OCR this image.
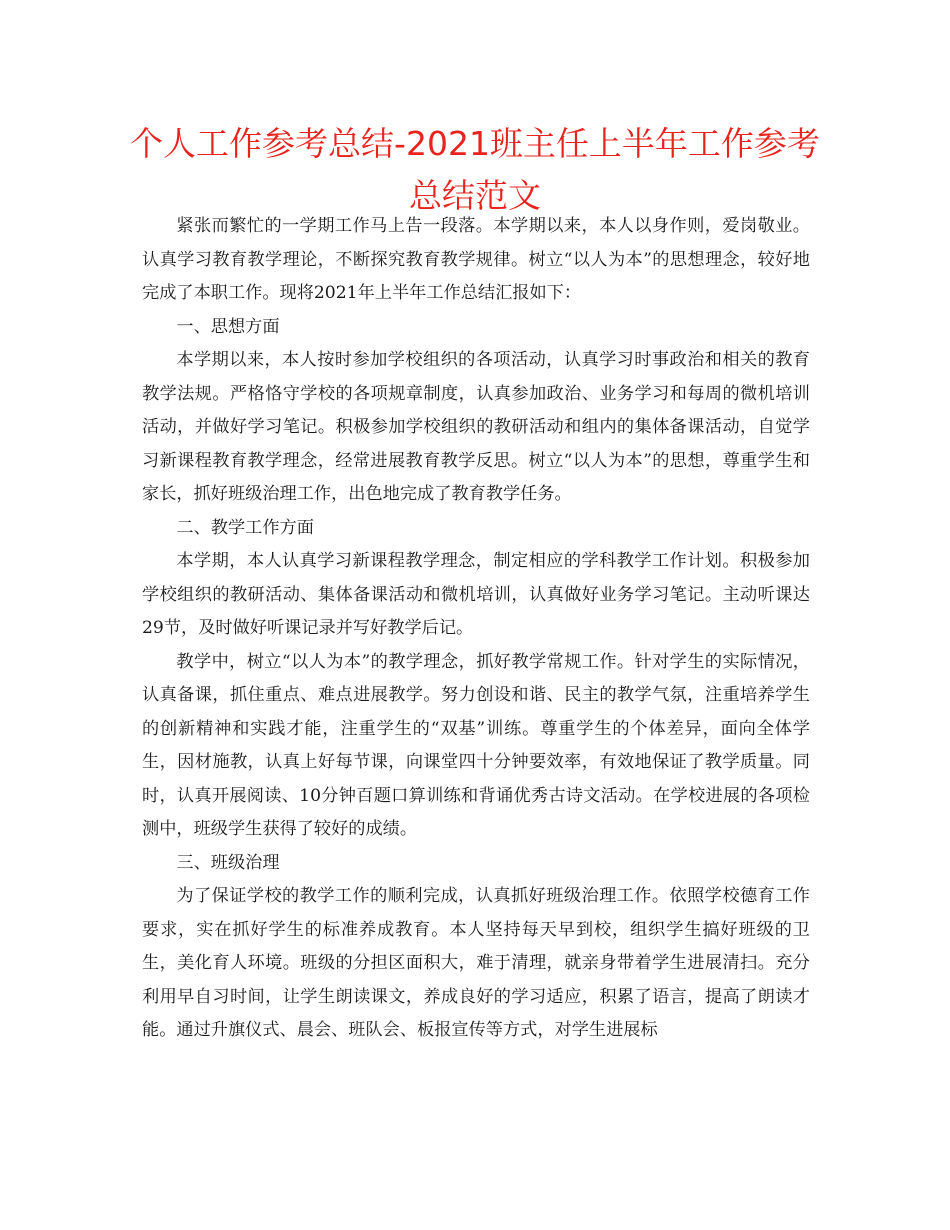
个人工作参考总结-2021班主任上半年工作参考总结范文

紧张而繁忙的一学期工作马上告一段落。本学期以来，本人以身作则，爱岗敬业。认真学习教育教学理论，不断探究教育教学规律。树立“以人为本”的思想理念，较好地完成了本职工作。现将2021年上半年工作总结汇报如下：

一、思想方面

本学期以来，本人按时参加学校组织的各项活动，认真学习时事政治和相关的教育教学法规。严格恪守学校的各项规章制度，认真参加政治、业务学习和每周的微机培训活动，并做好学习笔记。积极参加学校组织的教研活动和组内的集体备课活动，自觉学习新课程教育教学理念，经常进展教育教学反思。树立“以人为本”的思想，尊重学生和家长，抓好班级治理工作，出色地完成了教育教学任务。

二、教学工作方面

本学期，本人认真学习新课程教学理念，制定相应的学科教学工作计划。积极参加学校组织的教研活动、集体备课活动和微机培训，认真做好业务学习笔记。主动听课达29节，及时做好听课记录并写好教学后记。

教学中，树立“以人为本”的教学理念，抓好教学常规工作。针对学生的实际情况，认真备课，抓住重点、难点进展教学。努力创设和谐、民主的教学气氛，注重培养学生的创新精神和实践才能，注重学生的“双基”训练。尊重学生的个体差异，面向全体学生，因材施教，认真上好每节课，向课堂四十分钟要效率，有效地保证了教学质量。同时，认真开展阅读、10分钟百题口算训练和背诵优秀古诗文活动。在学校进展的各项检测中，班级学生获得了较好的成绩。

三、班级治理

为了保证学校的教学工作的顺利完成，认真抓好班级治理工作。依照学校德育工作要求，实在抓好学生的标准养成教育。本人坚持每天早到校，组织学生搞好班级的卫生，美化育人环境。班级的分担区面积大，难于清理，就亲身带着学生进展清扫。充分利用早自习时间，让学生朗读课文，养成良好的学习适应，积累了语言，提高了朗读才能。通过升旗仪式、晨会、班队会、板报宣传等方式，对学生进展标
